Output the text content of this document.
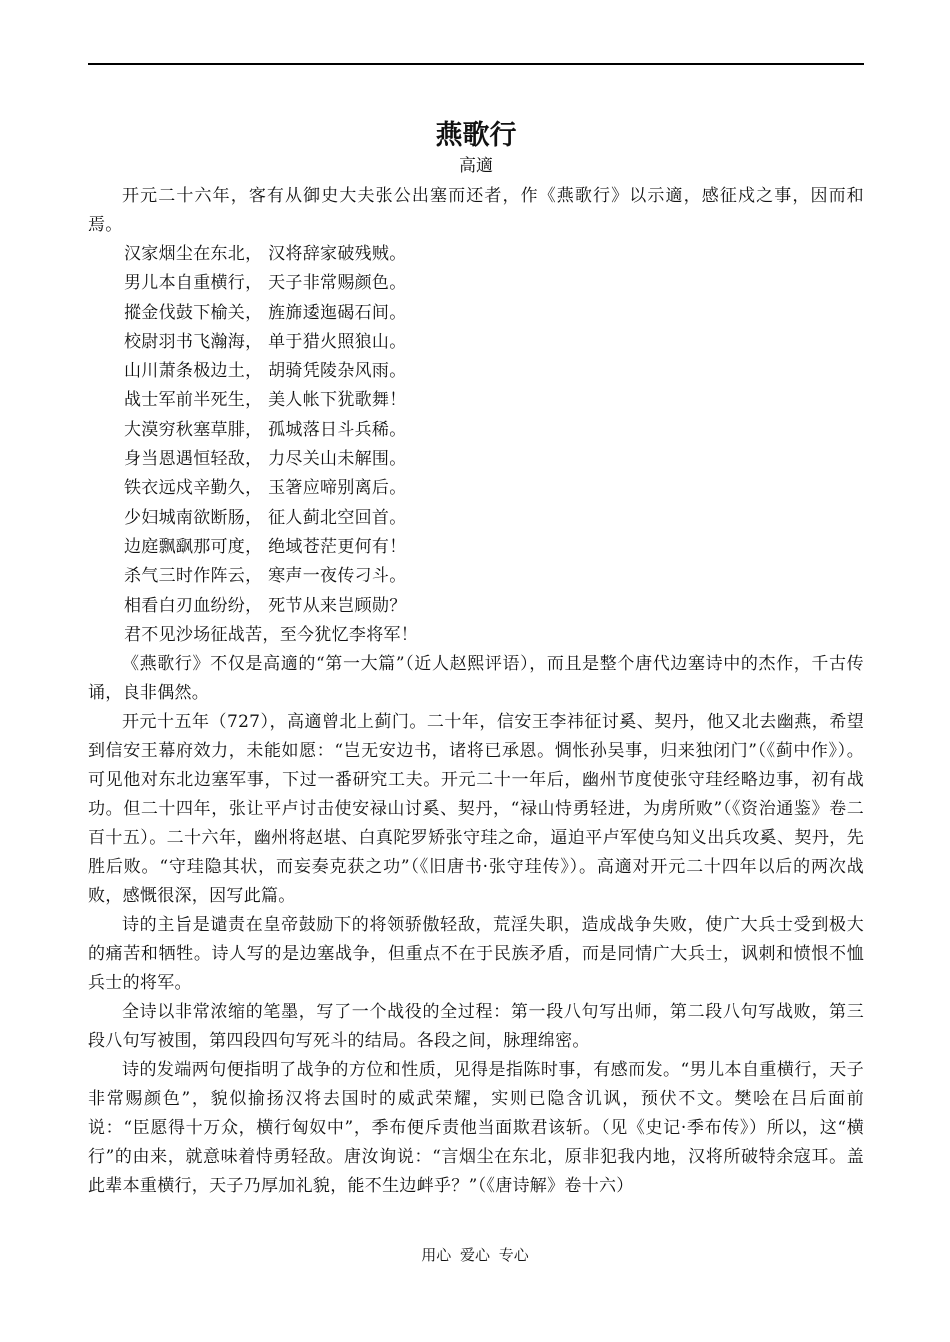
燕歌行

高適

开元二十六年，客有从御史大夫张公出塞而还者，作《燕歌行》以示適，感征戍之事，因而和焉。

汉家烟尘在东北， 汉将辞家破残贼。
男儿本自重横行， 天子非常赐颜色。
摐金伐鼓下榆关， 旌旆逶迤碣石间。
校尉羽书飞瀚海， 单于猎火照狼山。
山川萧条极边土， 胡骑凭陵杂风雨。
战士军前半死生， 美人帐下犹歌舞！
大漠穷秋塞草腓， 孤城落日斗兵稀。
身当恩遇恒轻敌， 力尽关山未解围。
铁衣远戍辛勤久， 玉箸应啼别离后。
少妇城南欲断肠， 征人蓟北空回首。
边庭飘飖那可度， 绝域苍茫更何有！
杀气三时作阵云， 寒声一夜传刁斗。
相看白刃血纷纷， 死节从来岂顾勋？
君不见沙场征战苦，至今犹忆李将军！

《燕歌行》不仅是高適的“第一大篇”（近人赵熙评语），而且是整个唐代边塞诗中的杰作，千古传诵，良非偶然。

开元十五年（727），高適曾北上蓟门。二十年，信安王李祎征讨奚、契丹，他又北去幽燕，希望到信安王幕府效力，未能如愿：“岂无安边书，诸将已承恩。惆怅孙吴事，归来独闭门”（《蓟中作》）。可见他对东北边塞军事，下过一番研究工夫。开元二十一年后，幽州节度使张守珪经略边事，初有战功。但二十四年，张让平卢讨击使安禄山讨奚、契丹，“禄山恃勇轻进，为虏所败”（《资治通鉴》卷二百十五）。二十六年，幽州将赵堪、白真陀罗矫张守珪之命，逼迫平卢军使乌知义出兵攻奚、契丹，先胜后败。“守珪隐其状，而妄奏克获之功”（《旧唐书·张守珪传》）。高適对开元二十四年以后的两次战败，感慨很深，因写此篇。

诗的主旨是谴责在皇帝鼓励下的将领骄傲轻敌，荒淫失职，造成战争失败，使广大兵士受到极大的痛苦和牺牲。诗人写的是边塞战争，但重点不在于民族矛盾，而是同情广大兵士，讽刺和愤恨不恤兵士的将军。

全诗以非常浓缩的笔墨，写了一个战役的全过程：第一段八句写出师，第二段八句写战败，第三段八句写被围，第四段四句写死斗的结局。各段之间，脉理绵密。

诗的发端两句便指明了战争的方位和性质，见得是指陈时事，有感而发。“男儿本自重横行，天子非常赐颜色”，貌似揄扬汉将去国时的威武荣耀，实则已隐含讥讽，预伏不文。樊哙在吕后面前说：“臣愿得十万众，横行匈奴中”，季布便斥责他当面欺君该斩。（见《史记·季布传》）所以，这“横行”的由来，就意味着恃勇轻敌。唐汝询说：“言烟尘在东北，原非犯我内地，汉将所破特余寇耳。盖此辈本重横行，天子乃厚加礼貌，能不生边衅乎？”（《唐诗解》卷十六）

用心 爱心 专心
